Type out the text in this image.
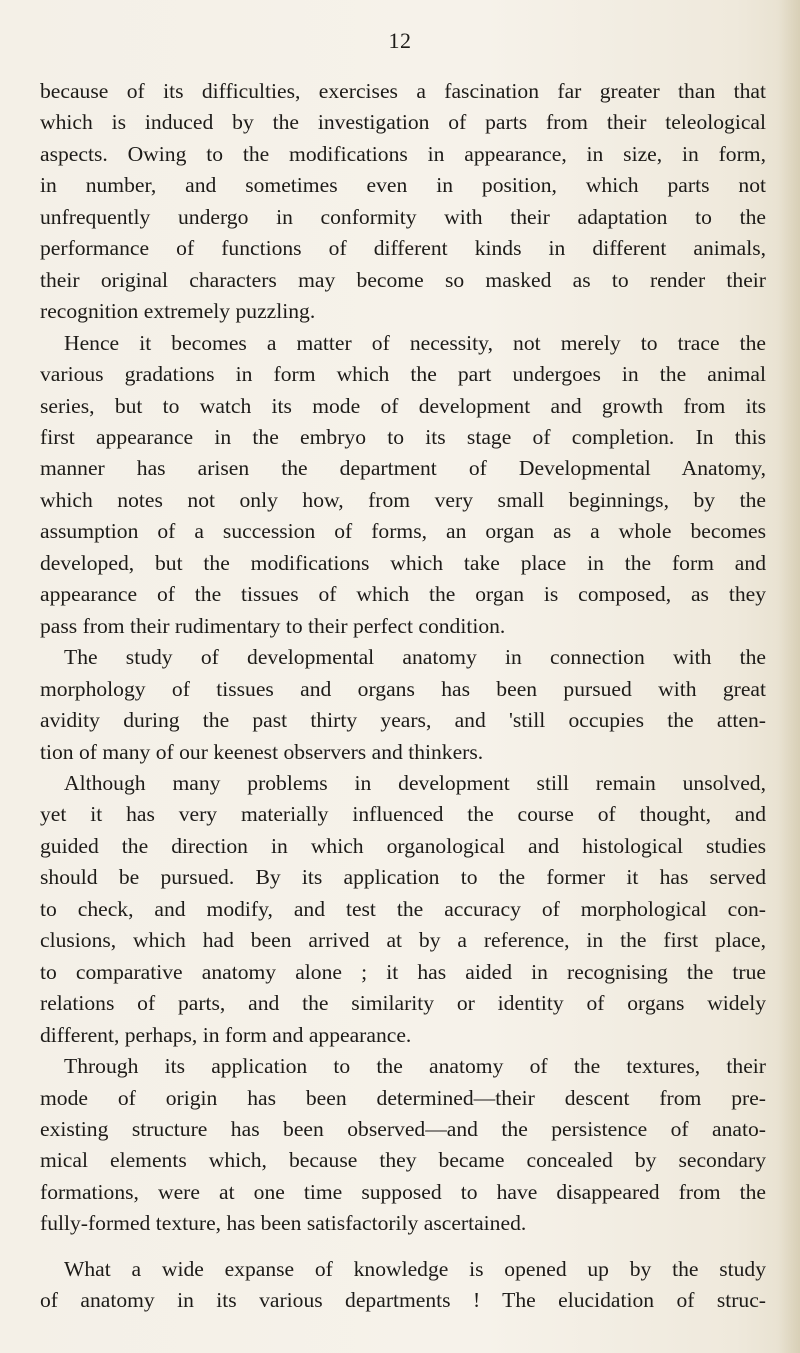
12

because of its difficulties, exercises a fascination far greater than that
which is induced by the investigation of parts from their teleological
aspects. Owing to the modifications in appearance, in size, in form,
in number, and sometimes even in position, which parts not
unfrequently undergo in conformity with their adaptation to the
performance of functions of different kinds in different animals,
their original characters may become so masked as to render their
recognition extremely puzzling.

Hence it becomes a matter of necessity, not merely to trace the
various gradations in form which the part undergoes in the animal
series, but to watch its mode of development and growth from its
first appearance in the embryo to its stage of completion. In this
manner has arisen the department of Developmental Anatomy,
which notes not only how, from very small beginnings, by the
assumption of a succession of forms, an organ as a whole becomes
developed, but the modifications which take place in the form and
appearance of the tissues of which the organ is composed, as they
pass from their rudimentary to their perfect condition.

The study of developmental anatomy in connection with the
morphology of tissues and organs has been pursued with great
avidity during the past thirty years, and 'still occupies the atten-
tion of many of our keenest observers and thinkers.

Although many problems in development still remain unsolved,
yet it has very materially influenced the course of thought, and
guided the direction in which organological and histological studies
should be pursued. By its application to the former it has served
to check, and modify, and test the accuracy of morphological con-
clusions, which had been arrived at by a reference, in the first place,
to comparative anatomy alone ; it has aided in recognising the true
relations of parts, and the similarity or identity of organs widely
different, perhaps, in form and appearance.

Through its application to the anatomy of the textures, their
mode of origin has been determined—their descent from pre-
existing structure has been observed—and the persistence of anato-
mical elements which, because they became concealed by secondary
formations, were at one time supposed to have disappeared from the
fully-formed texture, has been satisfactorily ascertained.

What a wide expanse of knowledge is opened up by the study
of anatomy in its various departments ! The elucidation of struc-
